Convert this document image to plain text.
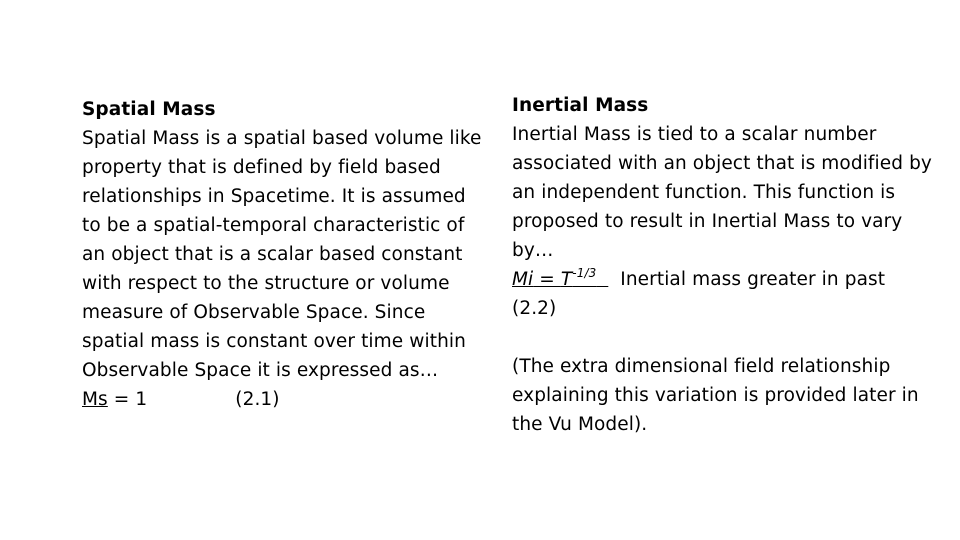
Spatial Mass
Spatial Mass is a spatial based volume like property that is defined by field based relationships in Spacetime. It is assumed to be a spatial-temporal characteristic of an object that is a scalar based constant with respect to the structure or volume measure of Observable Space. Since spatial mass is constant over time within Observable Space it is expressed as…
Ms = 1	(2.1)
Inertial Mass
Inertial Mass is tied to a scalar number associated with an object that is modified by an independent function. This function is proposed to result in Inertial Mass to vary by…
$Mi = T^{-1/3}$ Inertial mass greater in past
(2.2)
(The extra dimensional field relationship explaining this variation is provided later in the Vu Model).
